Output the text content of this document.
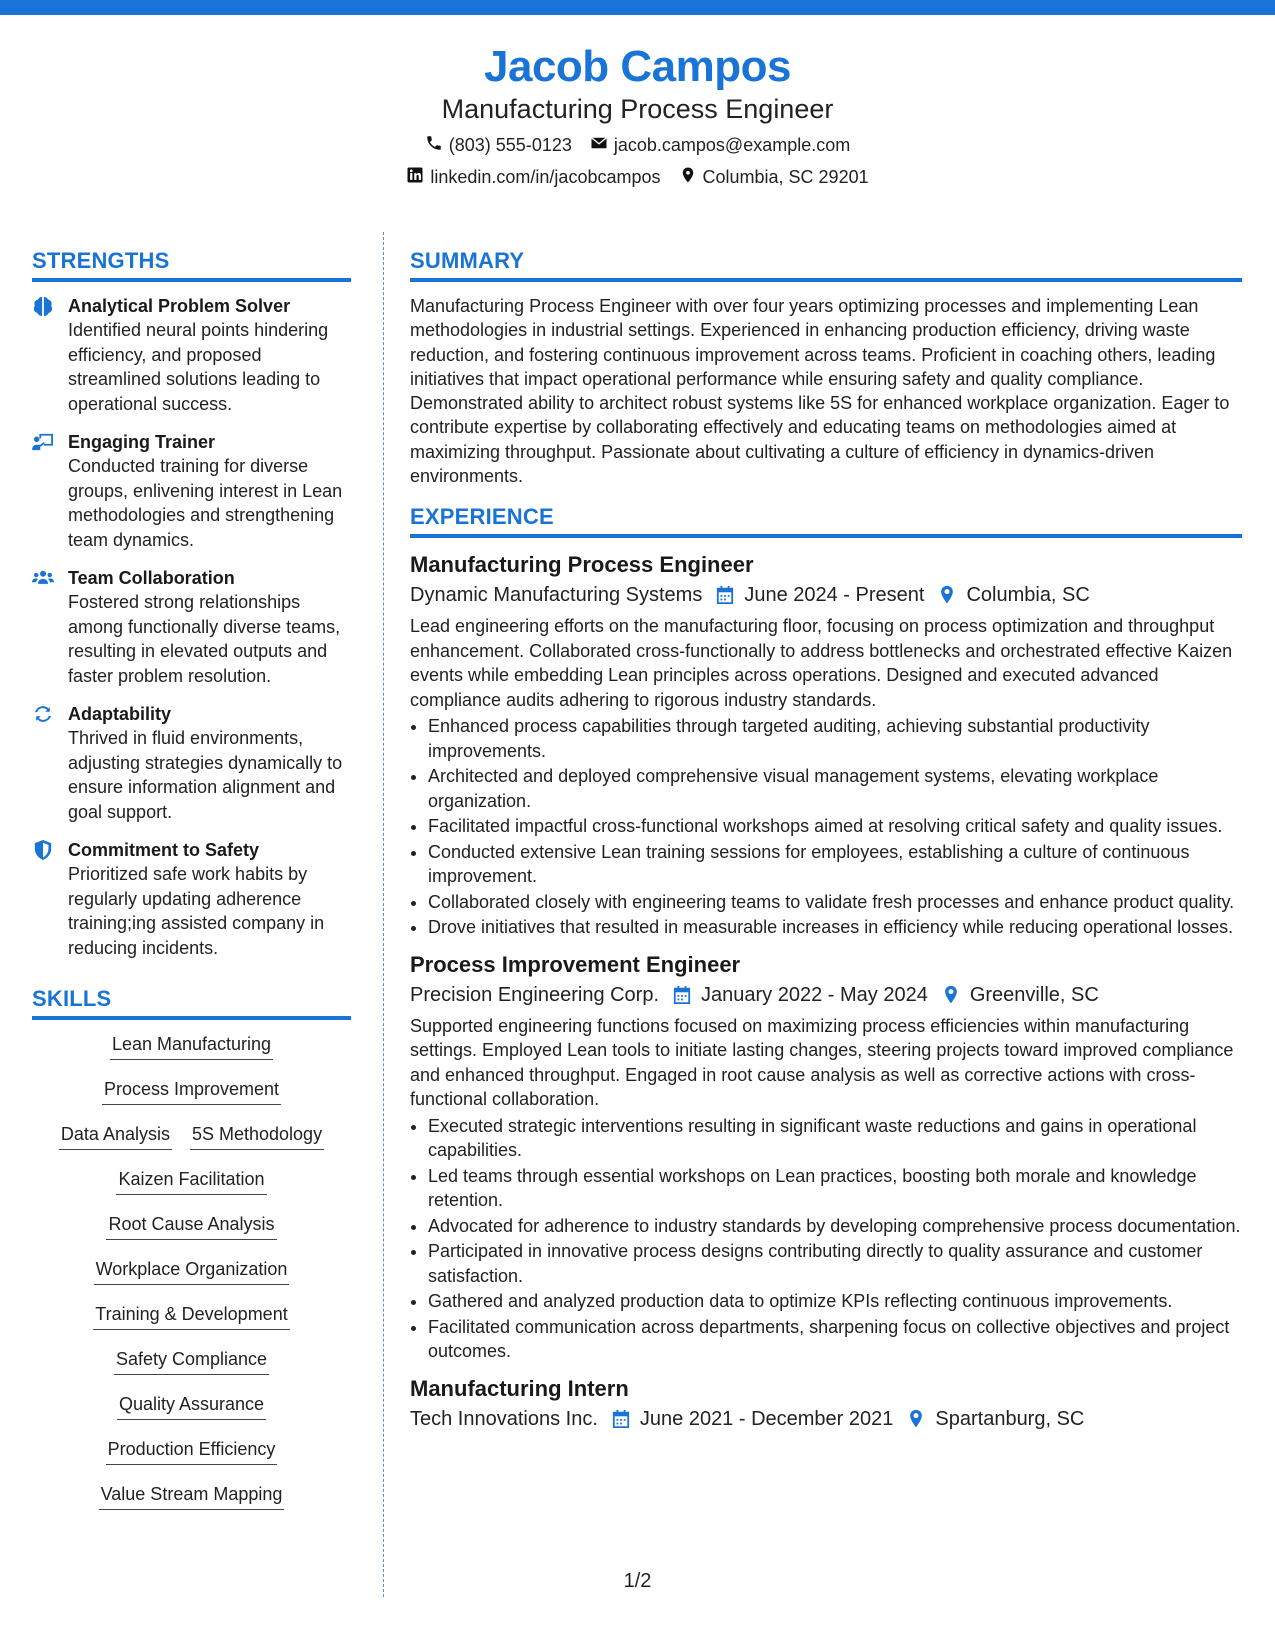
Jacob Campos
Manufacturing Process Engineer
(803) 555-0123 jacob.campos@example.com
linkedin.com/in/jacobcampos Columbia, SC 29201
STRENGTHS
Analytical Problem Solver
Identified neural points hindering efficiency, and proposed streamlined solutions leading to operational success.
Engaging Trainer
Conducted training for diverse groups, enlivening interest in Lean methodologies and strengthening team dynamics.
Team Collaboration
Fostered strong relationships among functionally diverse teams, resulting in elevated outputs and faster problem resolution.
Adaptability
Thrived in fluid environments, adjusting strategies dynamically to ensure information alignment and goal support.
Commitment to Safety
Prioritized safe work habits by regularly updating adherence training;ing assisted company in reducing incidents.
SKILLS
Lean Manufacturing
Process Improvement
Data Analysis 5S Methodology
Kaizen Facilitation
Root Cause Analysis
Workplace Organization
Training & Development
Safety Compliance
Quality Assurance
Production Efficiency
Value Stream Mapping
SUMMARY

Manufacturing Process Engineer with over four years optimizing processes and implementing Lean methodologies in industrial settings. Experienced in enhancing production efficiency, driving waste reduction, and fostering continuous improvement across teams. Proficient in coaching others, leading initiatives that impact operational performance while ensuring safety and quality compliance. Demonstrated ability to architect robust systems like 5S for enhanced workplace organization. Eager to contribute expertise by collaborating effectively and educating teams on methodologies aimed at maximizing throughput. Passionate about cultivating a culture of efficiency in dynamics-driven environments.

EXPERIENCE
Manufacturing Process Engineer
Dynamic Manufacturing Systems June 2024 - Present Columbia, SC

Lead engineering efforts on the manufacturing floor, focusing on process optimization and throughput enhancement. Collaborated cross-functionally to address bottlenecks and orchestrated effective Kaizen events while embedding Lean principles across operations. Designed and executed advanced compliance audits adhering to rigorous industry standards.

• Enhanced process capabilities through targeted auditing, achieving substantial productivity improvements.
• Architected and deployed comprehensive visual management systems, elevating workplace organization.
• Facilitated impactful cross-functional workshops aimed at resolving critical safety and quality issues.
• Conducted extensive Lean training sessions for employees, establishing a culture of continuous improvement.
• Collaborated closely with engineering teams to validate fresh processes and enhance product quality.
• Drove initiatives that resulted in measurable increases in efficiency while reducing operational losses.
Process Improvement Engineer
Precision Engineering Corp. January 2022 - May 2024 Greenville, SC

Supported engineering functions focused on maximizing process efficiencies within manufacturing settings. Employed Lean tools to initiate lasting changes, steering projects toward improved compliance and enhanced throughput. Engaged in root cause analysis as well as corrective actions with cross-functional collaboration.

• Executed strategic interventions resulting in significant waste reductions and gains in operational capabilities.
• Led teams through essential workshops on Lean practices, boosting both morale and knowledge retention.
• Advocated for adherence to industry standards by developing comprehensive process documentation.
• Participated in innovative process designs contributing directly to quality assurance and customer satisfaction.
• Gathered and analyzed production data to optimize KPIs reflecting continuous improvements.
• Facilitated communication across departments, sharpening focus on collective objectives and project outcomes.
Manufacturing Intern
Tech Innovations Inc. June 2021 - December 2021 Spartanburg, SC
1/2
